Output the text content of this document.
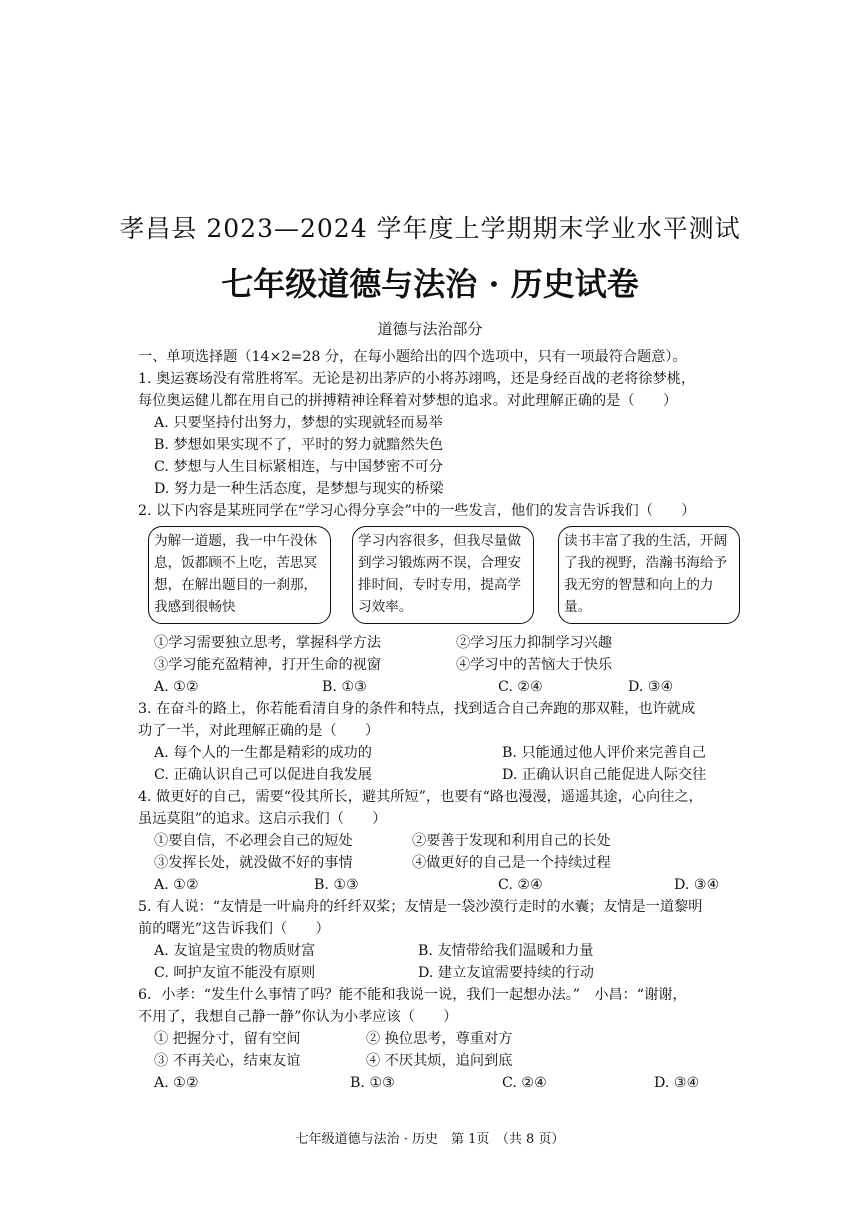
孝昌县 2023—2024 学年度上学期期末学业水平测试
七年级道德与法治 · 历史试卷
道德与法治部分
一、单项选择题（14×2=28 分，在每小题给出的四个选项中，只有一项最符合题意）。
1. 奥运赛场没有常胜将军。无论是初出茅庐的小将苏翊鸣，还是身经百战的老将徐梦桃，
每位奥运健儿都在用自己的拼搏精神诠释着对梦想的追求。对此理解正确的是（　　）
A. 只要坚持付出努力，梦想的实现就轻而易举
B. 梦想如果实现不了，平时的努力就黯然失色
C. 梦想与人生目标紧相连，与中国梦密不可分
D. 努力是一种生活态度，是梦想与现实的桥梁
2. 以下内容是某班同学在“学习心得分享会”中的一些发言，他们的发言告诉我们（　　）
为解一道题，我一中午没休息，饭都顾不上吃，苦思冥想，在解出题目的一刹那，我感到很畅快
学习内容很多，但我尽量做到学习锻炼两不误，合理安排时间，专时专用，提高学习效率。
读书丰富了我的生活，开阔了我的视野，浩瀚书海给予我无穷的智慧和向上的力量。
①学习需要独立思考，掌握科学方法	②学习压力抑制学习兴趣
③学习能充盈精神，打开生命的视窗	④学习中的苦恼大于快乐
A. ①②	B. ①③	C. ②④	D. ③④
3. 在奋斗的路上，你若能看清自身的条件和特点，找到适合自己奔跑的那双鞋，也许就成
功了一半，对此理解正确的是（　　）
A. 每个人的一生都是精彩的成功的	B. 只能通过他人评价来完善自己
C. 正确认识自己可以促进自我发展	D. 正确认识自己能促进人际交往
4. 做更好的自己，需要“役其所长，避其所短”，也要有“路也漫漫，遥遥其途，心向往之，
虽远莫阻”的追求。这启示我们（　　）
①要自信，不必理会自己的短处	②要善于发现和利用自己的长处
③发挥长处，就没做不好的事情	④做更好的自己是一个持续过程
A. ①②	B. ①③	C. ②④	D. ③④
5. 有人说：“友情是一叶扁舟的纤纤双桨；友情是一袋沙漠行走时的水囊；友情是一道黎明
前的曙光”这告诉我们（　　）
A. 友谊是宝贵的物质财富	B. 友情带给我们温暖和力量
C. 呵护友谊不能没有原则	D. 建立友谊需要持续的行动
6．小孝：“发生什么事情了吗？能不能和我说一说，我们一起想办法。”　小昌：“谢谢，
不用了，我想自己静一静”你认为小孝应该（　　）
① 把握分寸，留有空间	② 换位思考，尊重对方
③ 不再关心，结束友谊	④ 不厌其烦，追问到底
A. ①②	B. ①③	C. ②④	D. ③④
七年级道德与法治 · 历史　第 1页　（共 8 页）
